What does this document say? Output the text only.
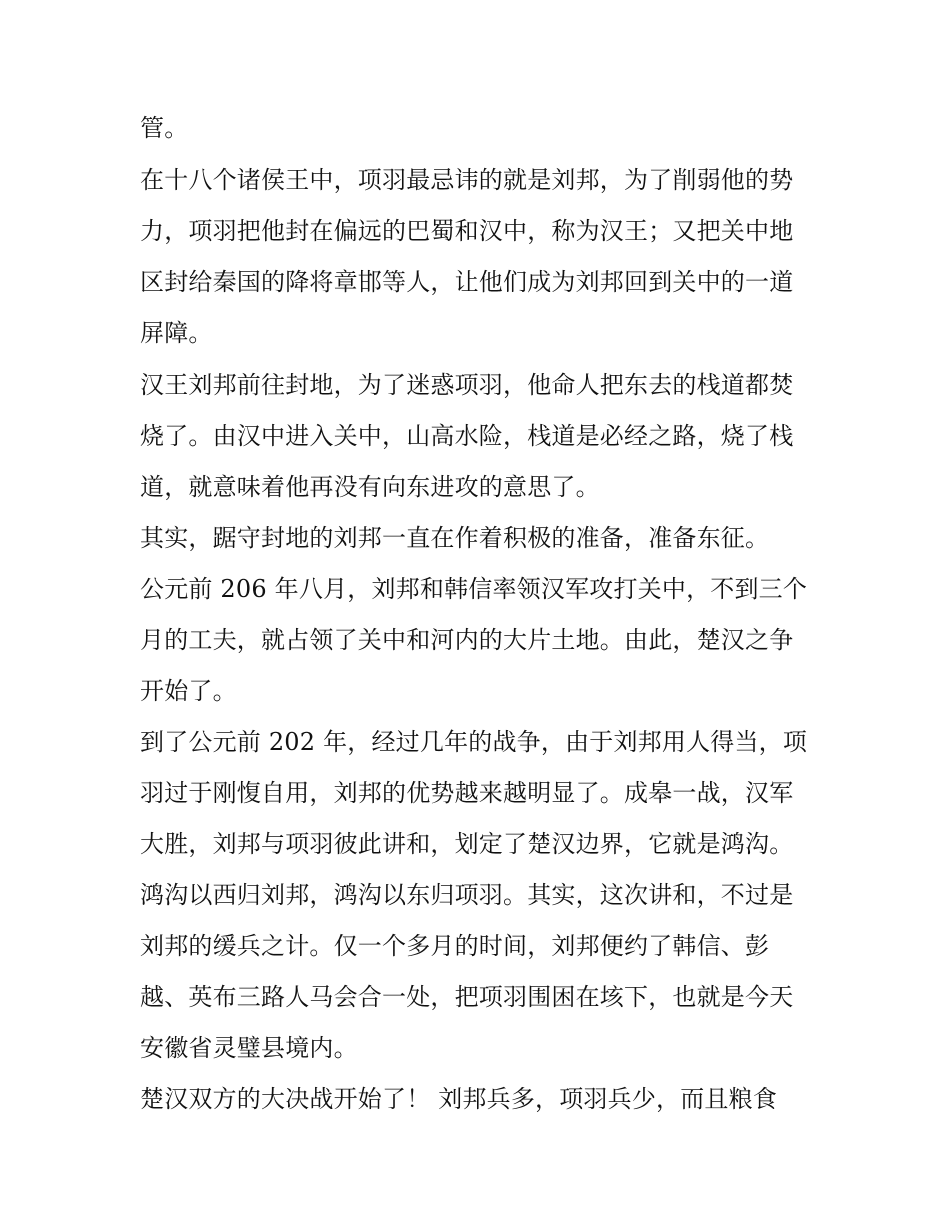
管。
在十八个诸侯王中，项羽最忌讳的就是刘邦，为了削弱他的势
力，项羽把他封在偏远的巴蜀和汉中，称为汉王；又把关中地
区封给秦国的降将章邯等人，让他们成为刘邦回到关中的一道
屏障。
汉王刘邦前往封地，为了迷惑项羽，他命人把东去的栈道都焚
烧了。由汉中进入关中，山高水险，栈道是必经之路，烧了栈
道，就意味着他再没有向东进攻的意思了。
其实，踞守封地的刘邦一直在作着积极的准备，准备东征。
公元前 206 年八月，刘邦和韩信率领汉军攻打关中，不到三个
月的工夫，就占领了关中和河内的大片土地。由此，楚汉之争
开始了。
到了公元前 202 年，经过几年的战争，由于刘邦用人得当，项
羽过于刚愎自用，刘邦的优势越来越明显了。成皋一战，汉军
大胜，刘邦与项羽彼此讲和，划定了楚汉边界，它就是鸿沟。
鸿沟以西归刘邦，鸿沟以东归项羽。其实，这次讲和，不过是
刘邦的缓兵之计。仅一个多月的时间，刘邦便约了韩信、彭
越、英布三路人马会合一处，把项羽围困在垓下，也就是今天
安徽省灵璧县境内。
楚汉双方的大决战开始了！ 刘邦兵多，项羽兵少，而且粮食
